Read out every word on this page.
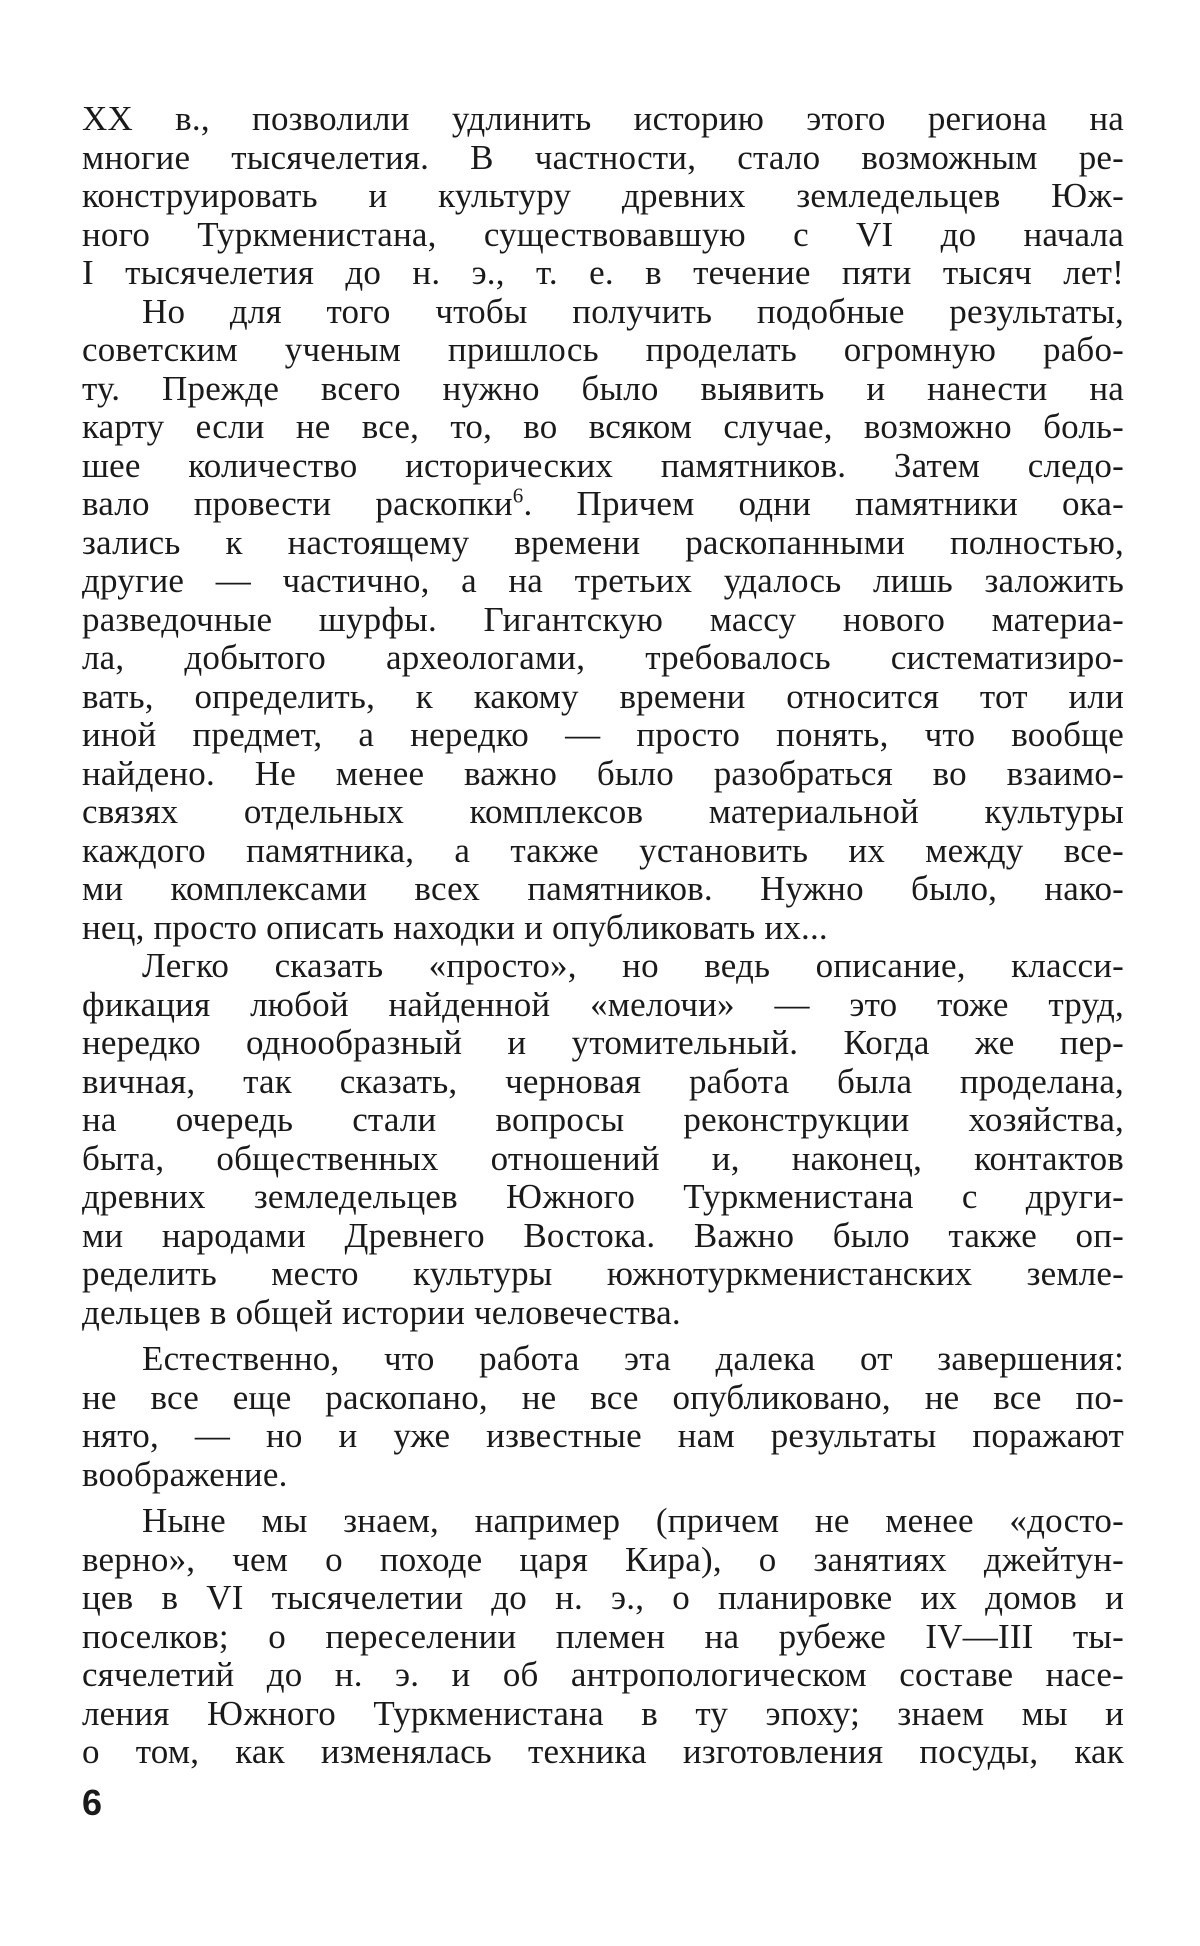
XX в., позволили удлинить историю этого региона на
многие тысячелетия. В частности, стало возможным ре-
конструировать и культуру древних земледельцев Юж-
ного Туркменистана, существовавшую с VI до начала
I тысячелетия до н. э., т. е. в течение пяти тысяч лет!
Но для того чтобы получить подобные результаты,
советским ученым пришлось проделать огромную рабо-
ту. Прежде всего нужно было выявить и нанести на
карту если не все, то, во всяком случае, возможно боль-
шее количество исторических памятников. Затем следо-
вало провести раскопки$^6$. Причем одни памятники ока-
зались к настоящему времени раскопанными полностью,
другие — частично, а на третьих удалось лишь заложить
разведочные шурфы. Гигантскую массу нового материа-
ла, добытого археологами, требовалось систематизиро-
вать, определить, к какому времени относится тот или
иной предмет, а нередко — просто понять, что вообще
найдено. Не менее важно было разобраться во взаимо-
связях отдельных комплексов материальной культуры
каждого памятника, а также установить их между все-
ми комплексами всех памятников. Нужно было, нако-
нец, просто описать находки и опубликовать их...
Легко сказать «просто», но ведь описание, класси-
фикация любой найденной «мелочи» — это тоже труд,
нередко однообразный и утомительный. Когда же пер-
вичная, так сказать, черновая работа была проделана,
на очередь стали вопросы реконструкции хозяйства,
быта, общественных отношений и, наконец, контактов
древних земледельцев Южного Туркменистана с други-
ми народами Древнего Востока. Важно было также оп-
ределить место культуры южнотуркменистанских земле-
дельцев в общей истории человечества.
Естественно, что работа эта далека от завершения:
не все еще раскопано, не все опубликовано, не все по-
нято, — но и уже известные нам результаты поражают
воображение.
Ныне мы знаем, например (причем не менее «досто-
верно», чем о походе царя Кира), о занятиях джейтун-
цев в VI тысячелетии до н. э., о планировке их домов и
поселков; о переселении племен на рубеже IV—III ты-
сячелетий до н. э. и об антропологическом составе насе-
ления Южного Туркменистана в ту эпоху; знаем мы и
о том, как изменялась техника изготовления посуды, как
6
